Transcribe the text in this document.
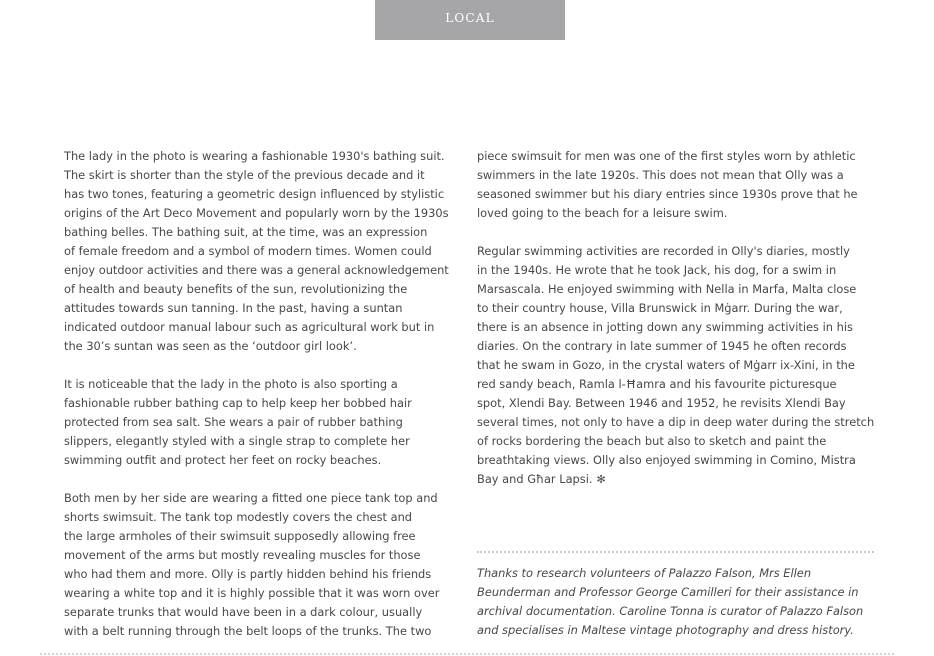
LOCAL
The lady in the photo is wearing a fashionable 1930's bathing suit.
The skirt is shorter than the style of the previous decade and it
has two tones, featuring a geometric design influenced by stylistic
origins of the Art Deco Movement and popularly worn by the 1930s
bathing belles. The bathing suit, at the time, was an expression
of female freedom and a symbol of modern times. Women could
enjoy outdoor activities and there was a general acknowledgement
of health and beauty benefits of the sun, revolutionizing the
attitudes towards sun tanning. In the past, having a suntan
indicated outdoor manual labour such as agricultural work but in
the 30’s suntan was seen as the ‘outdoor girl look’.
It is noticeable that the lady in the photo is also sporting a
fashionable rubber bathing cap to help keep her bobbed hair
protected from sea salt. She wears a pair of rubber bathing
slippers, elegantly styled with a single strap to complete her
swimming outfit and protect her feet on rocky beaches.
Both men by her side are wearing a fitted one piece tank top and
shorts swimsuit. The tank top modestly covers the chest and
the large armholes of their swimsuit supposedly allowing free
movement of the arms but mostly revealing muscles for those
who had them and more. Olly is partly hidden behind his friends
wearing a white top and it is highly possible that it was worn over
separate trunks that would have been in a dark colour, usually
with a belt running through the belt loops of the trunks. The two
piece swimsuit for men was one of the first styles worn by athletic
swimmers in the late 1920s. This does not mean that Olly was a
seasoned swimmer but his diary entries since 1930s prove that he
loved going to the beach for a leisure swim.
Regular swimming activities are recorded in Olly's diaries, mostly
in the 1940s. He wrote that he took Jack, his dog, for a swim in
Marsascala. He enjoyed swimming with Nella in Marfa, Malta close
to their country house, Villa Brunswick in Mġarr. During the war,
there is an absence in jotting down any swimming activities in his
diaries. On the contrary in late summer of 1945 he often records
that he swam in Gozo, in the crystal waters of Mġarr ix-Xini, in the
red sandy beach, Ramla l-Ħamra and his favourite picturesque
spot, Xlendi Bay. Between 1946 and 1952, he revisits Xlendi Bay
several times, not only to have a dip in deep water during the stretch
of rocks bordering the beach but also to sketch and paint the
breathtaking views. Olly also enjoyed swimming in Comino, Mistra
Bay and Għar Lapsi. ✻
Thanks to research volunteers of Palazzo Falson, Mrs Ellen
Beunderman and Professor George Camilleri for their assistance in
archival documentation. Caroline Tonna is curator of Palazzo Falson
and specialises in Maltese vintage photography and dress history.
